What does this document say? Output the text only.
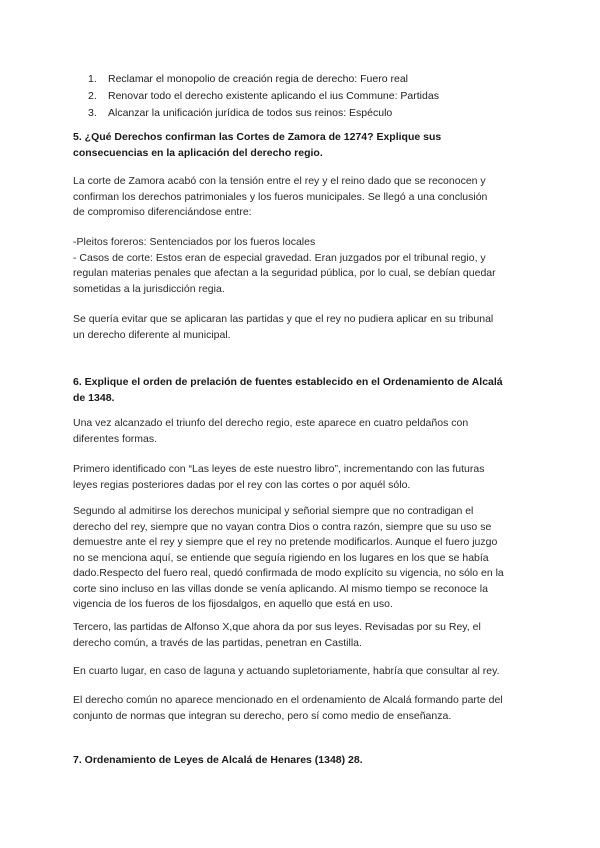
1. Reclamar el monopolio de creación regia de derecho: Fuero real
2. Renovar todo el derecho existente aplicando el ius Commune: Partidas
3. Alcanzar la unificación jurídica de todos sus reinos: Espéculo
5. ¿Qué Derechos confirman las Cortes de Zamora de 1274? Explique sus
consecuencias en la aplicación del derecho regio.
La corte de Zamora acabó con la tensión entre el rey y el reino dado que se reconocen y
confirman los derechos patrimoniales y los fueros municipales. Se llegó a una conclusión
de compromiso diferenciándose entre:
-Pleitos foreros: Sentenciados por los fueros locales
- Casos de corte: Estos eran de especial gravedad. Eran juzgados por el tribunal regio, y
regulan materias penales que afectan a la seguridad pública, por lo cual, se debían quedar
sometidas a la jurisdicción regia.
Se quería evitar que se aplicaran las partidas y que el rey no pudiera aplicar en su tribunal
un derecho diferente al municipal.
6. Explique el orden de prelación de fuentes establecido en el Ordenamiento de Alcalá
de 1348.
Una vez alcanzado el triunfo del derecho regio, este aparece en cuatro peldaños con
diferentes formas.
Primero identificado con “Las leyes de este nuestro libro”, incrementando con las futuras
leyes regias posteriores dadas por el rey con las cortes o por aquél sólo.
Segundo al admitirse los derechos municipal y señorial siempre que no contradigan el
derecho del rey, siempre que no vayan contra Dios o contra razón, siempre que su uso se
demuestre ante el rey y siempre que el rey no pretende modificarlos. Aunque el fuero juzgo
no se menciona aquí, se entiende que seguía rigiendo en los lugares en los que se había
dado.Respecto del fuero real, quedó confirmada de modo explícito su vigencia, no sólo en la
corte sino incluso en las villas donde se venía aplicando. Al mismo tiempo se reconoce la
vigencia de los fueros de los fijosdalgos, en aquello que está en uso.
Tercero, las partidas de Alfonso X,que ahora da por sus leyes. Revisadas por su Rey, el
derecho común, a través de las partidas, penetran en Castilla.
En cuarto lugar, en caso de laguna y actuando supletoriamente, habría que consultar al rey.
El derecho común no aparece mencionado en el ordenamiento de Alcalá formando parte del
conjunto de normas que integran su derecho, pero sí como medio de enseñanza.
7. Ordenamiento de Leyes de Alcalá de Henares (1348) 28.
